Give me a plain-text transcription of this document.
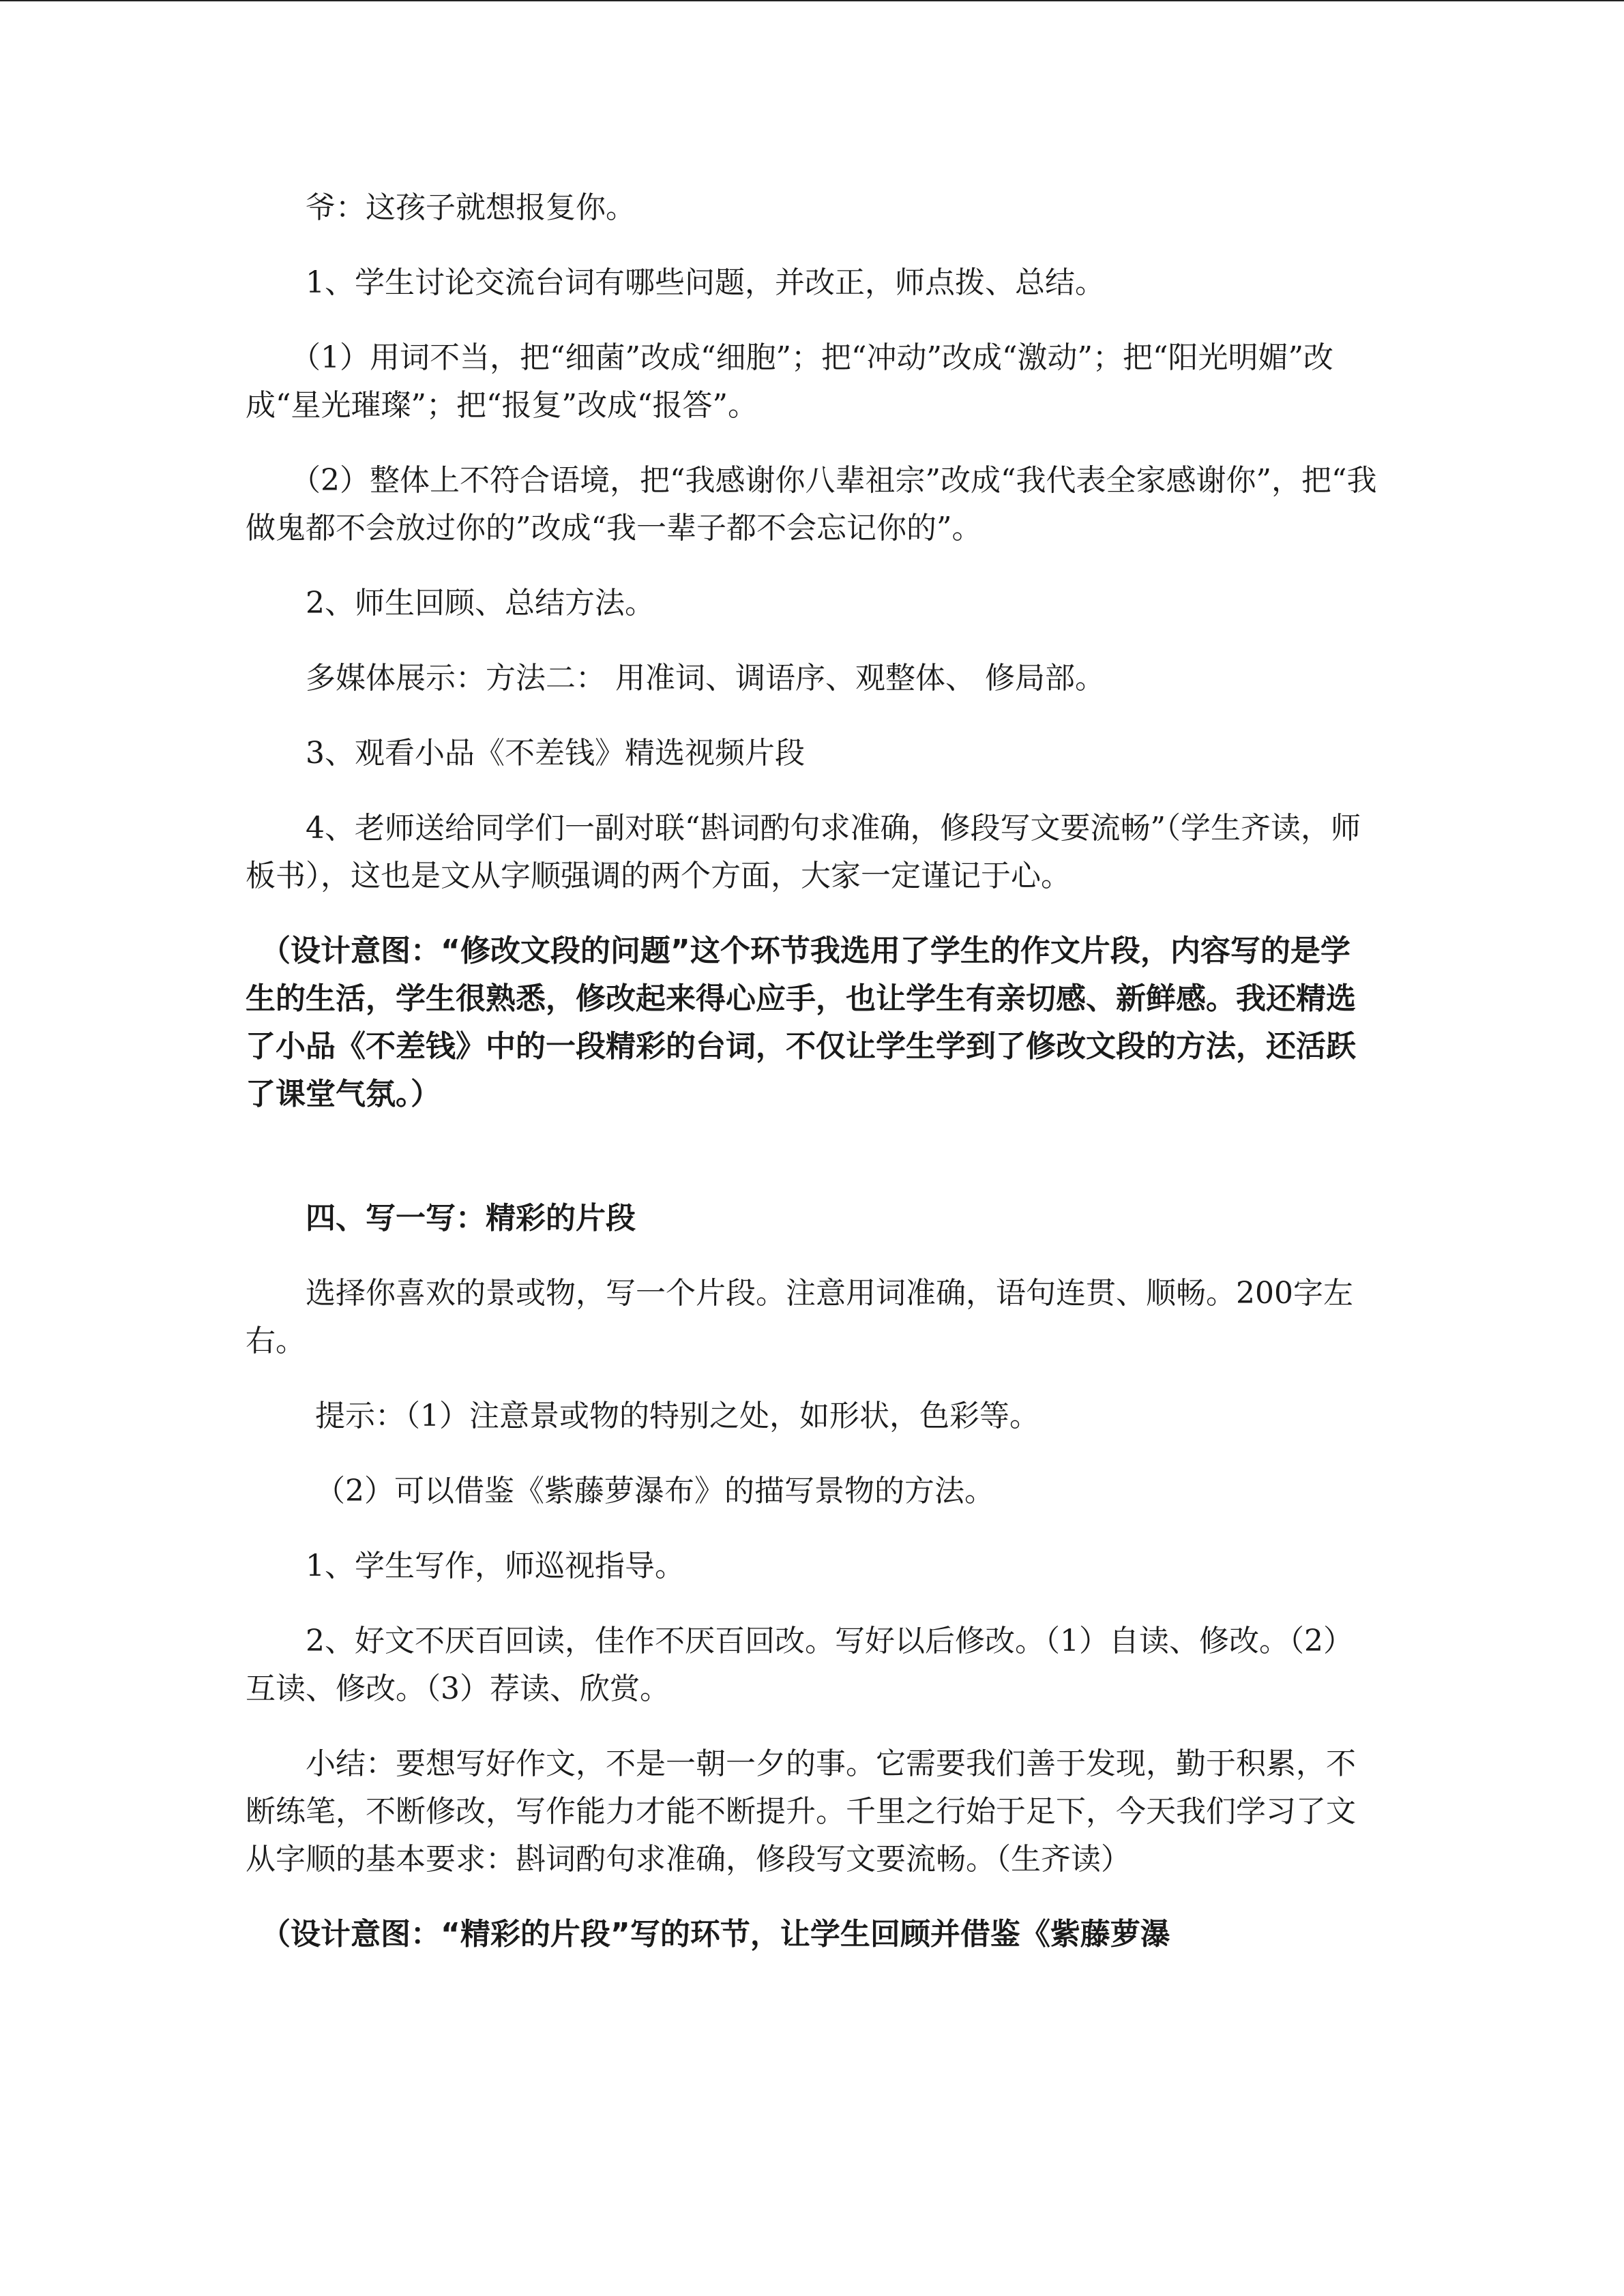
　　爷：这孩子就想报复你。

　　1、学生讨论交流台词有哪些问题，并改正，师点拨、总结。

　　（1）用词不当，把“细菌”改成“细胞”；把“冲动”改成“激动”；把“阳光明媚”改成“星光璀璨”；把“报复”改成“报答”。

　　（2）整体上不符合语境，把“我感谢你八辈祖宗”改成“我代表全家感谢你”，把“我做鬼都不会放过你的”改成“我一辈子都不会忘记你的”。

　　2、师生回顾、总结方法。

　　多媒体展示：方法二： 用准词、调语序、观整体、 修局部。

　　3、观看小品《不差钱》精选视频片段

　　4、老师送给同学们一副对联“斟词酌句求准确，修段写文要流畅”（学生齐读，师板书），这也是文从字顺强调的两个方面，大家一定谨记于心。

　（设计意图：“修改文段的问题”这个环节我选用了学生的作文片段，内容写的是学生的生活，学生很熟悉，修改起来得心应手，也让学生有亲切感、新鲜感。我还精选了小品《不差钱》中的一段精彩的台词，不仅让学生学到了修改文段的方法，还活跃了课堂气氛。）

　　四、写一写：精彩的片段

　　选择你喜欢的景或物，写一个片段。注意用词准确，语句连贯、顺畅。200字左右。

　　 提示：（1）注意景或物的特别之处，如形状，色彩等。

　　 （2）可以借鉴《紫藤萝瀑布》的描写景物的方法。

　　1、学生写作，师巡视指导。

　　2、好文不厌百回读，佳作不厌百回改。写好以后修改。（1）自读、修改。（2）互读、修改。（3）荐读、欣赏。

　　小结：要想写好作文，不是一朝一夕的事。它需要我们善于发现，勤于积累，不断练笔，不断修改，写作能力才能不断提升。千里之行始于足下，今天我们学习了文从字顺的基本要求：斟词酌句求准确，修段写文要流畅。（生齐读）

　（设计意图：“精彩的片段”写的环节，让学生回顾并借鉴《紫藤萝瀑
